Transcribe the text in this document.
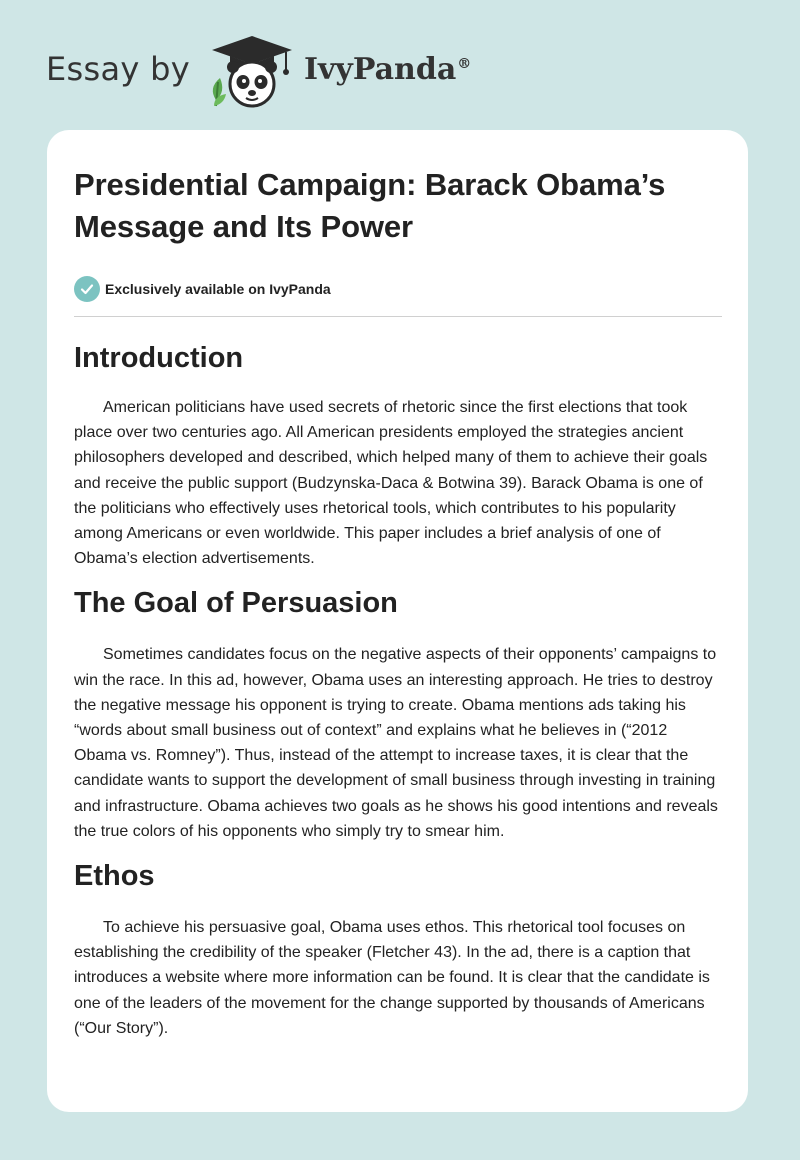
Essay by	IvyPanda®
Presidential Campaign: Barack Obama’s
Message and Its Power
Exclusively available on IvyPanda
Introduction

American politicians have used secrets of rhetoric since the first elections that took place over two centuries ago. All American presidents employed the strategies ancient philosophers developed and described, which helped many of them to achieve their goals and receive the public support (Budzynska-Daca & Botwina 39). Barack Obama is one of the politicians who effectively uses rhetorical tools, which contributes to his popularity among Americans or even worldwide. This paper includes a brief analysis of one of Obama’s election advertisements.

The Goal of Persuasion

Sometimes candidates focus on the negative aspects of their opponents’ campaigns to win the race. In this ad, however, Obama uses an interesting approach. He tries to destroy the negative message his opponent is trying to create. Obama mentions ads taking his “words about small business out of context” and explains what he believes in (“2012 Obama vs. Romney”). Thus, instead of the attempt to increase taxes, it is clear that the candidate wants to support the development of small business through investing in training and infrastructure. Obama achieves two goals as he shows his good intentions and reveals the true colors of his opponents who simply try to smear him.

Ethos

To achieve his persuasive goal, Obama uses ethos. This rhetorical tool focuses on establishing the credibility of the speaker (Fletcher 43). In the ad, there is a caption that introduces a website where more information can be found. It is clear that the candidate is one of the leaders of the movement for the change supported by thousands of Americans (“Our Story”).
